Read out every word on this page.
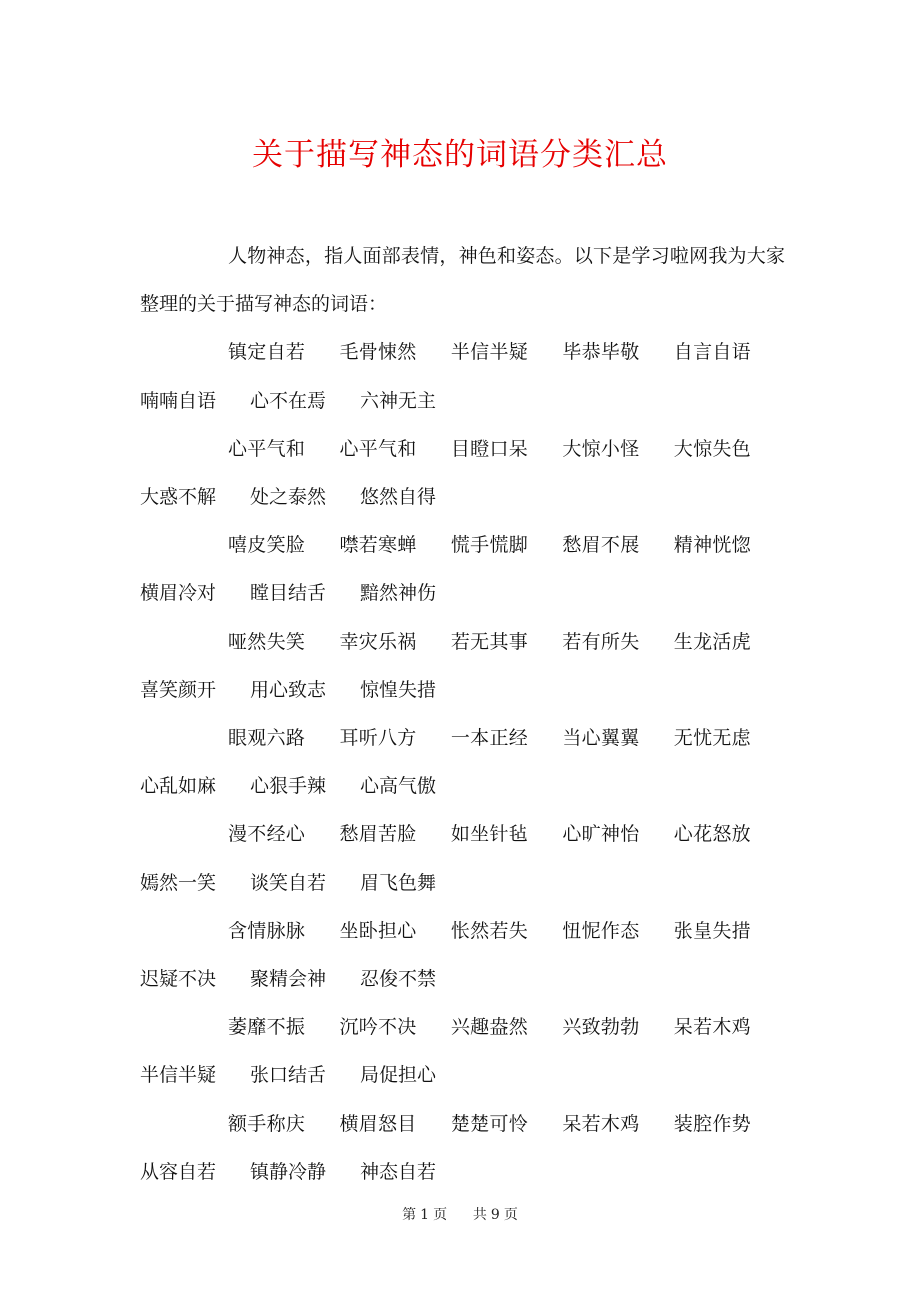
关于描写神态的词语分类汇总

人物神态，指人面部表情，神色和姿态。以下是学习啦网我为大家整理的关于描写神态的词语：

镇定自若 毛骨悚然 半信半疑 毕恭毕敬 自言自语喃喃自语 心不在焉 六神无主

心平气和 心平气和 目瞪口呆 大惊小怪 大惊失色大惑不解 处之泰然 悠然自得

嘻皮笑脸 噤若寒蝉 慌手慌脚 愁眉不展 精神恍惚横眉冷对 瞠目结舌 黯然神伤

哑然失笑 幸灾乐祸 若无其事 若有所失 生龙活虎喜笑颜开 用心致志 惊惶失措

眼观六路 耳听八方 一本正经 当心翼翼 无忧无虑心乱如麻 心狠手辣 心高气傲

漫不经心 愁眉苦脸 如坐针毡 心旷神怡 心花怒放嫣然一笑 谈笑自若 眉飞色舞

含情脉脉 坐卧担心 怅然若失 忸怩作态 张皇失措迟疑不决 聚精会神 忍俊不禁

萎靡不振 沉吟不决 兴趣盎然 兴致勃勃 呆若木鸡半信半疑 张口结舌 局促担心

额手称庆 横眉怒目 楚楚可怜 呆若木鸡 装腔作势从容自若 镇静冷静 神态自若

第 1 页 共 9 页
